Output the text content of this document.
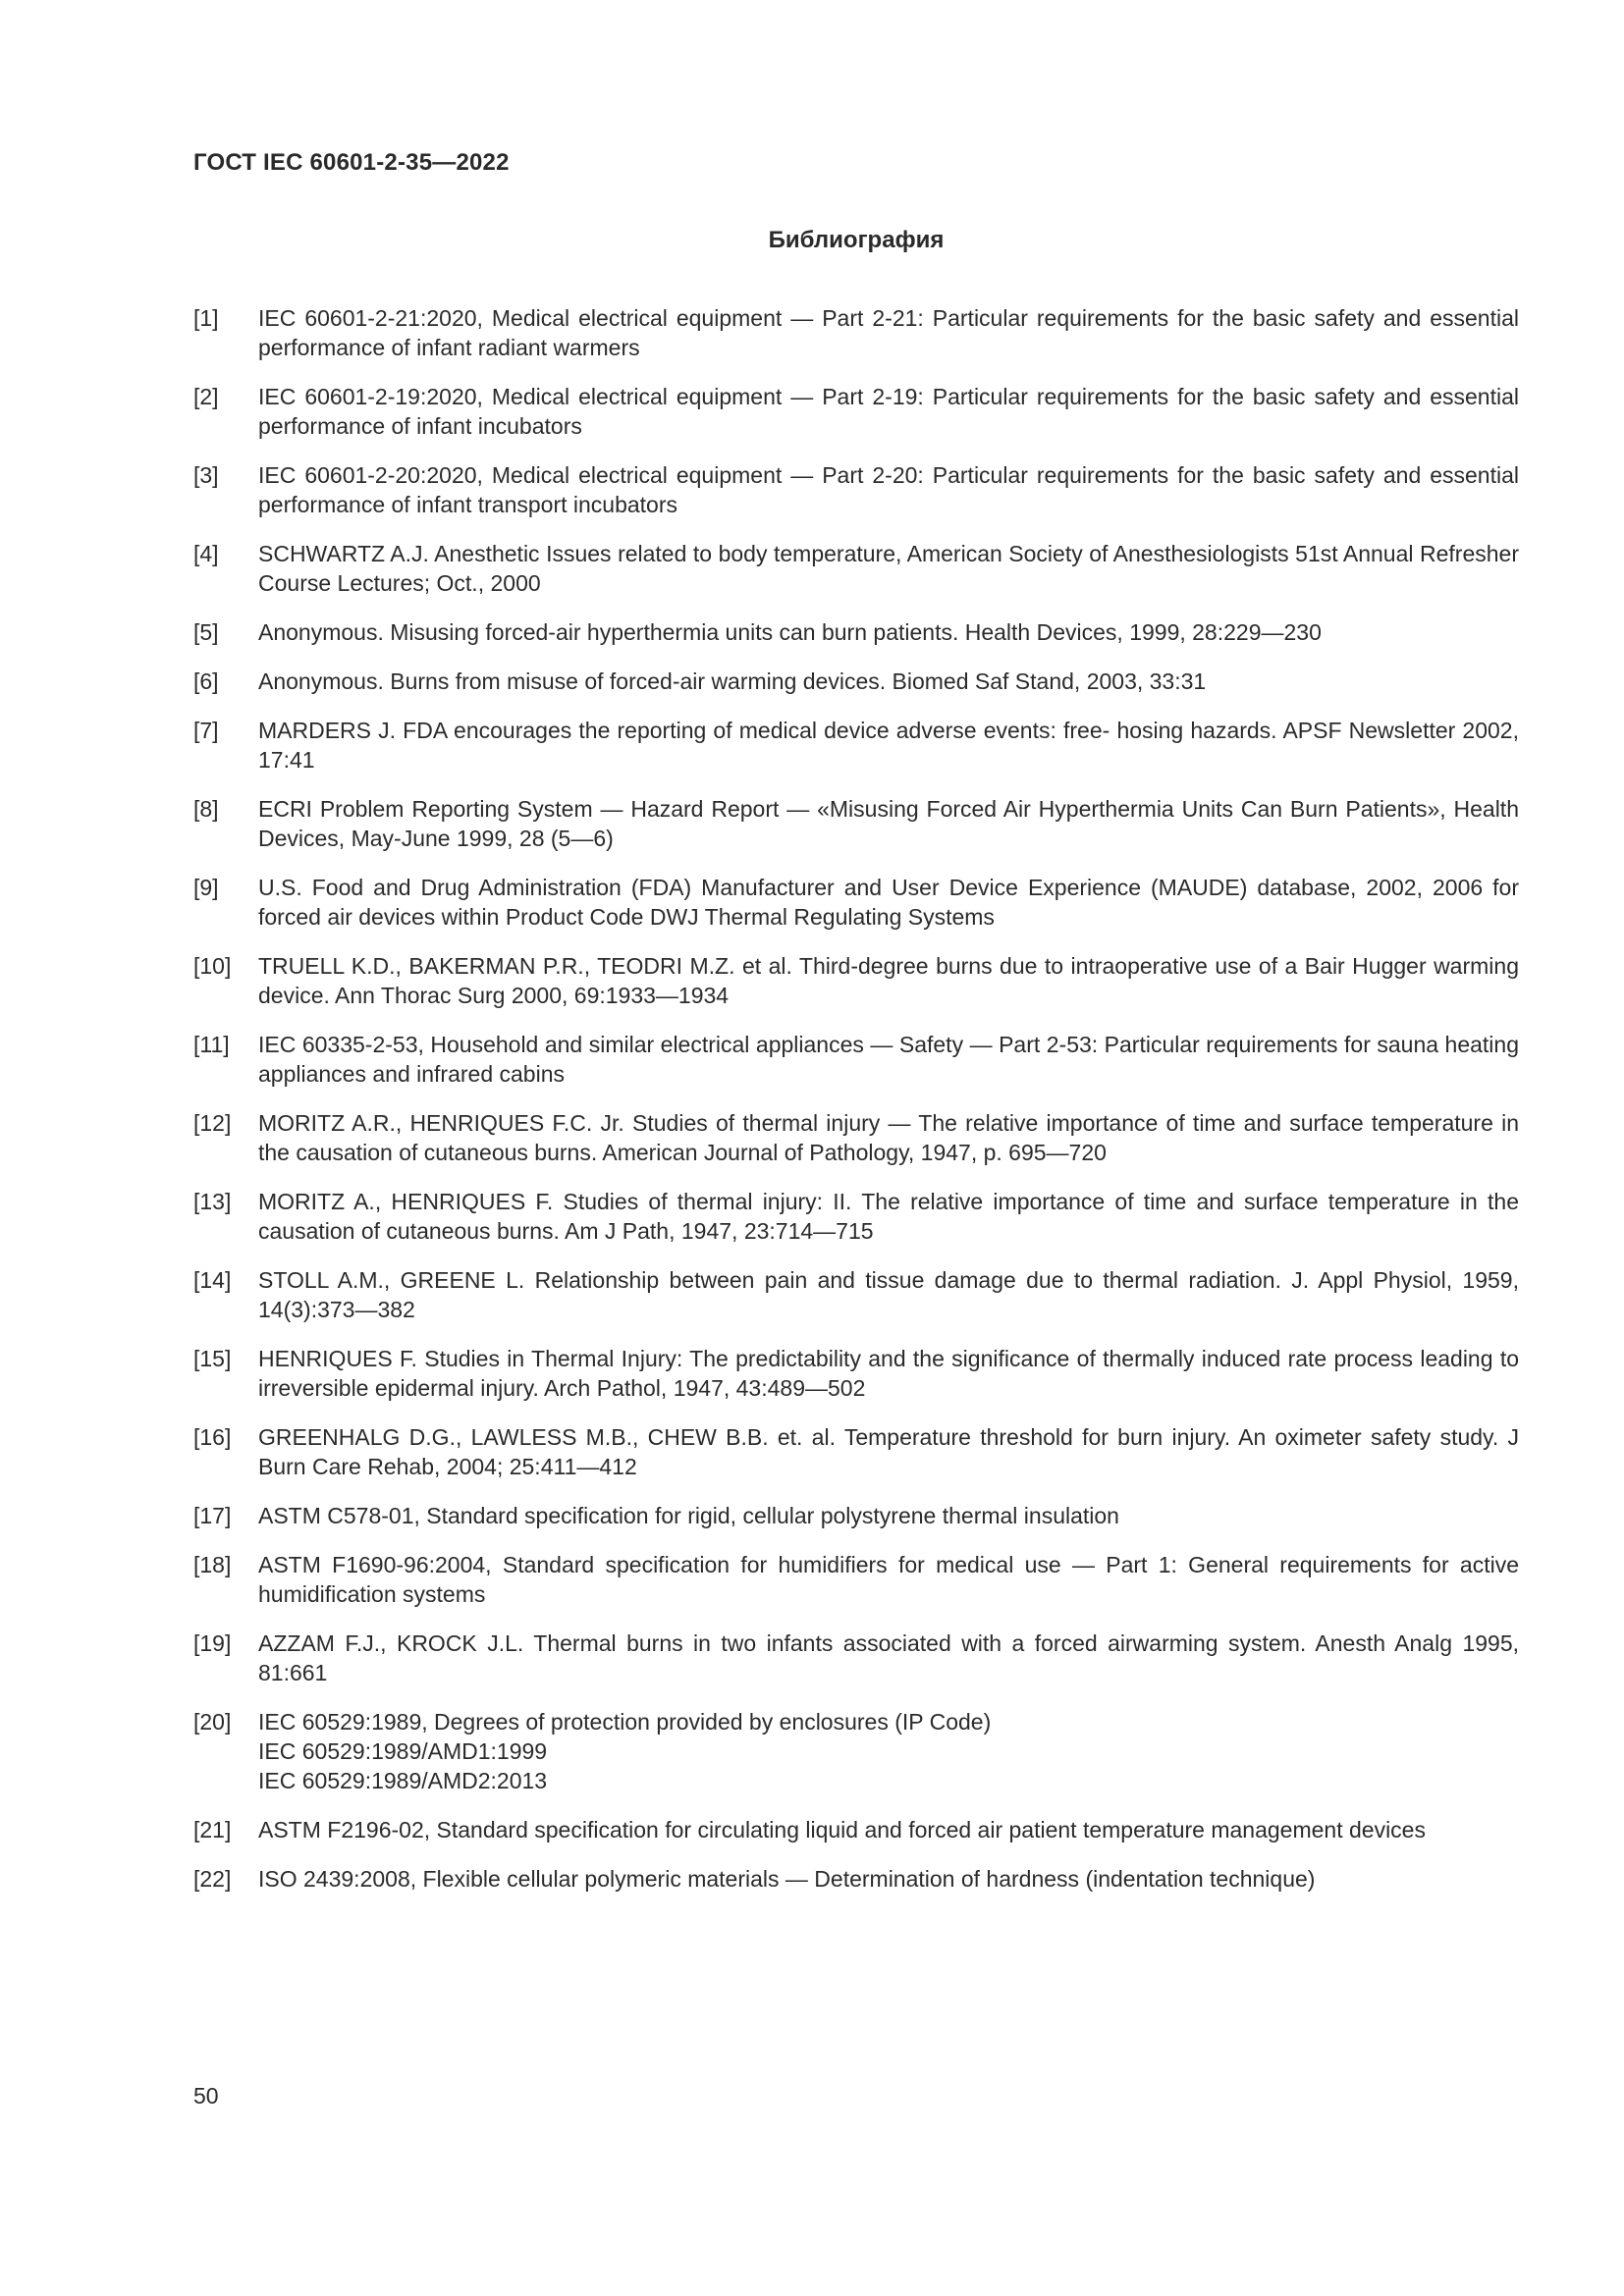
ГОСТ IEC 60601-2-35—2022
Библиография
[1]	IEC 60601-2-21:2020, Medical electrical equipment — Part 2-21: Particular requirements for the basic safety and essential performance of infant radiant warmers
[2]	IEC 60601-2-19:2020, Medical electrical equipment — Part 2-19: Particular requirements for the basic safety and essential performance of infant incubators
[3]	IEC 60601-2-20:2020, Medical electrical equipment — Part 2-20: Particular requirements for the basic safety and essential performance of infant transport incubators
[4]	SCHWARTZ A.J. Anesthetic Issues related to body temperature, American Society of Anesthesiologists 51st Annual Refresher Course Lectures; Oct., 2000
[5]	Anonymous. Misusing forced-air hyperthermia units can burn patients. Health Devices, 1999, 28:229—230
[6]	Anonymous. Burns from misuse of forced-air warming devices. Biomed Saf Stand, 2003, 33:31
[7]	MARDERS J. FDA encourages the reporting of medical device adverse events: free- hosing hazards. APSF Newsletter 2002, 17:41
[8]	ECRI Problem Reporting System — Hazard Report — «Misusing Forced Air Hyperthermia Units Can Burn Patients», Health Devices, May-June 1999, 28 (5—6)
[9]	U.S. Food and Drug Administration (FDA) Manufacturer and User Device Experience (MAUDE) database, 2002, 2006 for forced air devices within Product Code DWJ Thermal Regulating Systems
[10]	TRUELL K.D., BAKERMAN P.R., TEODRI M.Z. et al. Third-degree burns due to intraoperative use of a Bair Hugger warming device. Ann Thorac Surg 2000, 69:1933—1934
[11]	IEC 60335-2-53, Household and similar electrical appliances — Safety — Part 2-53: Particular requirements for sauna heating appliances and infrared cabins
[12]	MORITZ A.R., HENRIQUES F.C. Jr. Studies of thermal injury — The relative importance of time and surface temperature in the causation of cutaneous burns. American Journal of Pathology, 1947, p. 695—720
[13]	MORITZ A., HENRIQUES F. Studies of thermal injury: II. The relative importance of time and surface temperature in the causation of cutaneous burns. Am J Path, 1947, 23:714—715
[14]	STOLL A.M., GREENE L. Relationship between pain and tissue damage due to thermal radiation. J. Appl Physiol, 1959, 14(3):373—382
[15]	HENRIQUES F. Studies in Thermal Injury: The predictability and the significance of thermally induced rate process leading to irreversible epidermal injury. Arch Pathol, 1947, 43:489—502
[16]	GREENHALG D.G., LAWLESS M.B., CHEW B.B. et. al. Temperature threshold for burn injury. An oximeter safety study. J Burn Care Rehab, 2004; 25:411—412
[17]	ASTM C578-01, Standard specification for rigid, cellular polystyrene thermal insulation
[18]	ASTM F1690-96:2004, Standard specification for humidifiers for medical use — Part 1: General requirements for active humidification systems
[19]	AZZAM F.J., KROCK J.L. Thermal burns in two infants associated with a forced airwarming system. Anesth Analg 1995, 81:661
[20]	IEC 60529:1989, Degrees of protection provided by enclosures (IP Code)
IEC 60529:1989/AMD1:1999
IEC 60529:1989/AMD2:2013
[21]	ASTM F2196-02, Standard specification for circulating liquid and forced air patient temperature management devices
[22]	ISO 2439:2008, Flexible cellular polymeric materials — Determination of hardness (indentation technique)
50
